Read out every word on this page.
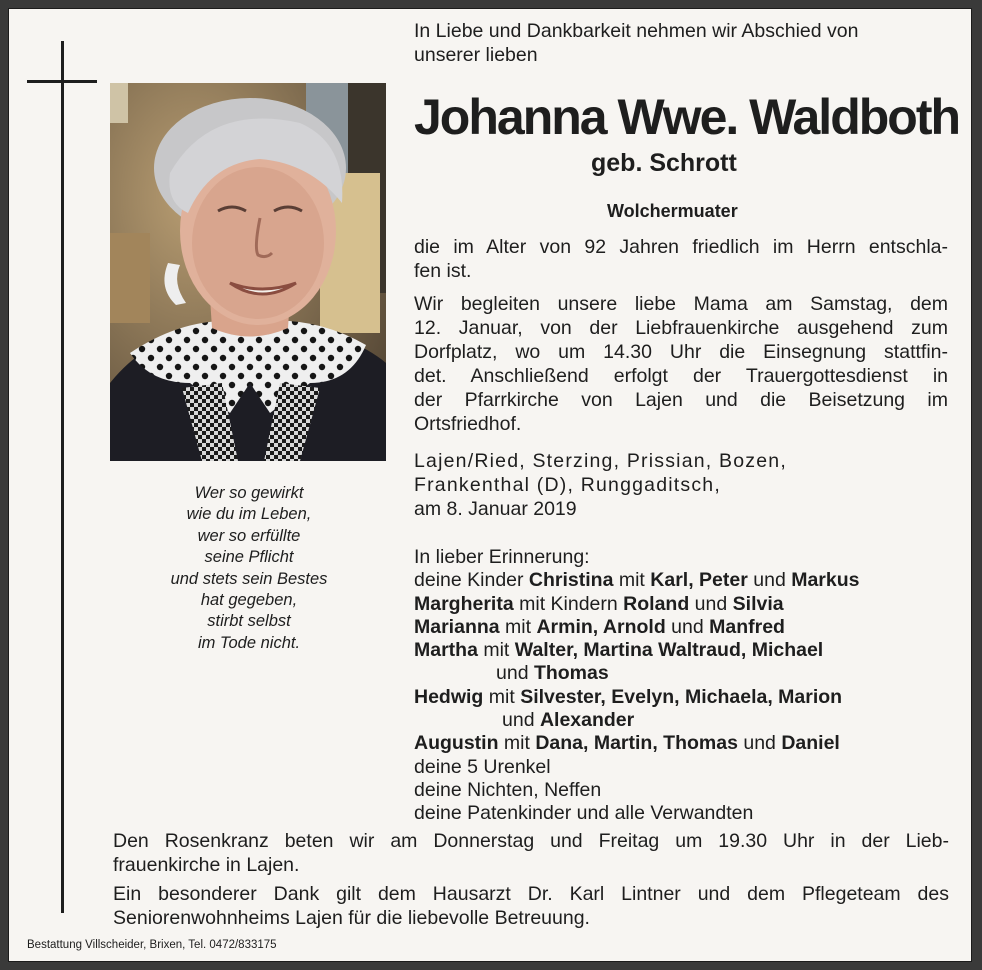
Wer so gewirkt
wie du im Leben,
wer so erfüllte
seine Pflicht
und stets sein Bestes
hat gegeben,
stirbt selbst
im Tode nicht.
In Liebe und Dankbarkeit nehmen wir Abschied von
unserer lieben
Johanna Wwe. Waldboth
geb. Schrott
Wolchermuater
die im Alter von 92 Jahren friedlich im Herrn entschla-
fen ist.
Wir begleiten unsere liebe Mama am Samstag, dem
12. Januar, von der Liebfrauenkirche ausgehend zum
Dorfplatz, wo um 14.30 Uhr die Einsegnung stattfin-
det. Anschließend erfolgt der Trauergottesdienst in
der Pfarrkirche von Lajen und die Beisetzung im
Ortsfriedhof.
Lajen/Ried, Sterzing, Prissian, Bozen,
Frankenthal (D), Runggaditsch,
am 8. Januar 2019
In lieber Erinnerung:
deine Kinder Christina mit Karl, Peter und Markus
Margherita mit Kindern Roland und Silvia
Marianna mit Armin, Arnold und Manfred
Martha mit Walter, Martina Waltraud, Michael
und Thomas
Hedwig mit Silvester, Evelyn, Michaela, Marion
und Alexander
Augustin mit Dana, Martin, Thomas und Daniel
deine 5 Urenkel
deine Nichten, Neffen
deine Patenkinder und alle Verwandten
Den Rosenkranz beten wir am Donnerstag und Freitag um 19.30 Uhr in der Lieb-
frauenkirche in Lajen.
Ein besonderer Dank gilt dem Hausarzt Dr. Karl Lintner und dem Pflegeteam des
Seniorenwohnheims Lajen für die liebevolle Betreuung.
Bestattung Villscheider, Brixen, Tel. 0472/833175
